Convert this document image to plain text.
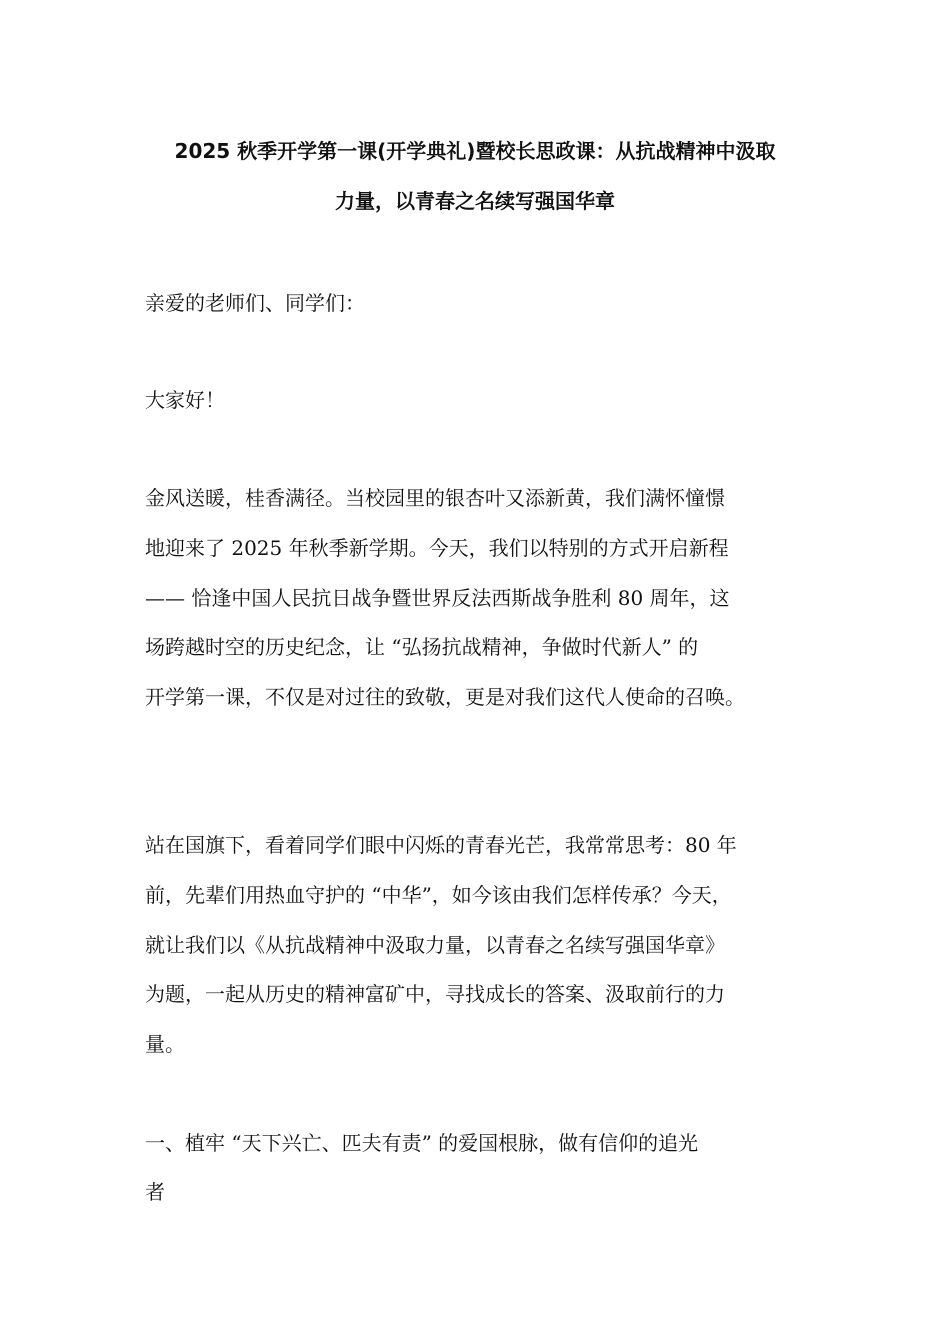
2025 秋季开学第一课(开学典礼)暨校长思政课：从抗战精神中汲取
力量，以青春之名续写强国华章
亲爱的老师们、同学们：
大家好！
金风送暖，桂香满径。当校园里的银杏叶又添新黄，我们满怀憧憬
地迎来了 2025 年秋季新学期。今天，我们以特别的方式开启新程
—— 恰逢中国人民抗日战争暨世界反法西斯战争胜利 80 周年，这
场跨越时空的历史纪念，让 “弘扬抗战精神，争做时代新人” 的
开学第一课，不仅是对过往的致敬，更是对我们这代人使命的召唤。
站在国旗下，看着同学们眼中闪烁的青春光芒，我常常思考：80 年
前，先辈们用热血守护的 “中华”，如今该由我们怎样传承？今天，
就让我们以《从抗战精神中汲取力量，以青春之名续写强国华章》
为题，一起从历史的精神富矿中，寻找成长的答案、汲取前行的力
量。
一、植牢 “天下兴亡、匹夫有责” 的爱国根脉，做有信仰的追光
者
